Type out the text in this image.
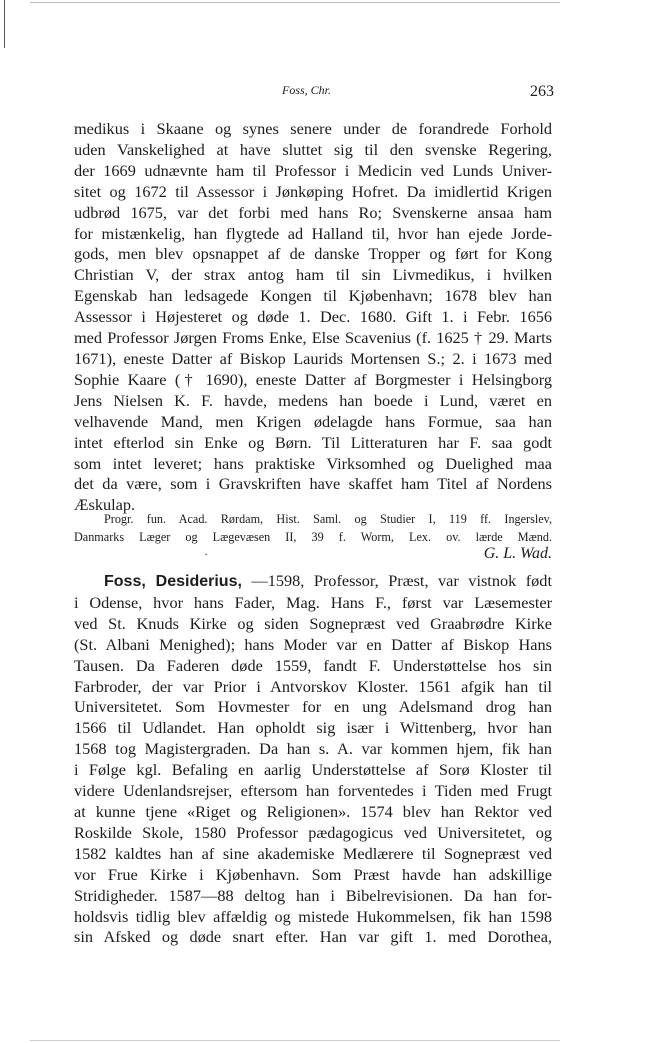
Foss, Chr.	263
medikus i Skaane og synes senere under de forandrede Forhold
uden Vanskelighed at have sluttet sig til den svenske Regering,
der 1669 udnævnte ham til Professor i Medicin ved Lunds Univer-
sitet og 1672 til Assessor i Jønkøping Hofret. Da imidlertid Krigen
udbrød 1675, var det forbi med hans Ro; Svenskerne ansaa ham
for mistænkelig, han flygtede ad Halland til, hvor han ejede Jorde-
gods, men blev opsnappet af de danske Tropper og ført for Kong
Christian V, der strax antog ham til sin Livmedikus, i hvilken
Egenskab han ledsagede Kongen til Kjøbenhavn; 1678 blev han
Assessor i Højesteret og døde 1. Dec. 1680. Gift 1. i Febr. 1656
med Professor Jørgen Froms Enke, Else Scavenius (f. 1625 † 29. Marts
1671), eneste Datter af Biskop Laurids Mortensen S.; 2. i 1673 med
Sophie Kaare († 1690), eneste Datter af Borgmester i Helsingborg
Jens Nielsen K. F. havde, medens han boede i Lund, været en
velhavende Mand, men Krigen ødelagde hans Formue, saa han
intet efterlod sin Enke og Børn. Til Litteraturen har F. saa godt
som intet leveret; hans praktiske Virksomhed og Duelighed maa
det da være, som i Gravskriften have skaffet ham Titel af Nordens
Æskulap.
Progr. fun. Acad. Rørdam, Hist. Saml. og Studier I, 119 ff. Ingerslev,
Danmarks Læger og Lægevæsen II, 39 f. Worm, Lex. ov. lærde Mænd.
·	G. L. Wad.
Foss, Desiderius, —1598, Professor, Præst, var vistnok født
i Odense, hvor hans Fader, Mag. Hans F., først var Læsemester
ved St. Knuds Kirke og siden Sognepræst ved Graabrødre Kirke
(St. Albani Menighed); hans Moder var en Datter af Biskop Hans
Tausen. Da Faderen døde 1559, fandt F. Understøttelse hos sin
Farbroder, der var Prior i Antvorskov Kloster. 1561 afgik han til
Universitetet. Som Hovmester for en ung Adelsmand drog han
1566 til Udlandet. Han opholdt sig især i Wittenberg, hvor han
1568 tog Magistergraden. Da han s. A. var kommen hjem, fik han
i Følge kgl. Befaling en aarlig Understøttelse af Sorø Kloster til
videre Udenlandsrejser, eftersom han forventedes i Tiden med Frugt
at kunne tjene «Riget og Religionen». 1574 blev han Rektor ved
Roskilde Skole, 1580 Professor pædagogicus ved Universitetet, og
1582 kaldtes han af sine akademiske Medlærere til Sognepræst ved
vor Frue Kirke i Kjøbenhavn. Som Præst havde han adskillige
Stridigheder. 1587—88 deltog han i Bibelrevisionen. Da han for-
holdsvis tidlig blev affældig og mistede Hukommelsen, fik han 1598
sin Afsked og døde snart efter. Han var gift 1. med Dorothea,
